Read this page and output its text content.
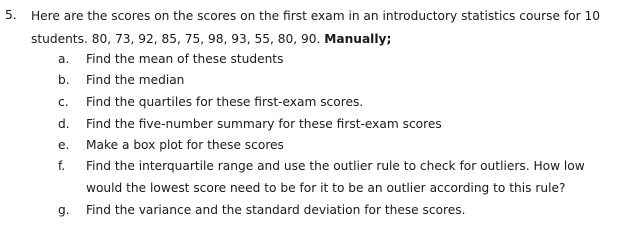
5. Here are the scores on the scores on the first exam in an introductory statistics course for 10
students. 80, 73, 92, 85, 75, 98, 93, 55, 80, 90. Manually;
a. Find the mean of these students
b. Find the median
c. Find the quartiles for these first-exam scores.
d. Find the five-number summary for these first-exam scores
e. Make a box plot for these scores
f. Find the interquartile range and use the outlier rule to check for outliers. How low
would the lowest score need to be for it to be an outlier according to this rule?
g. Find the variance and the standard deviation for these scores.
